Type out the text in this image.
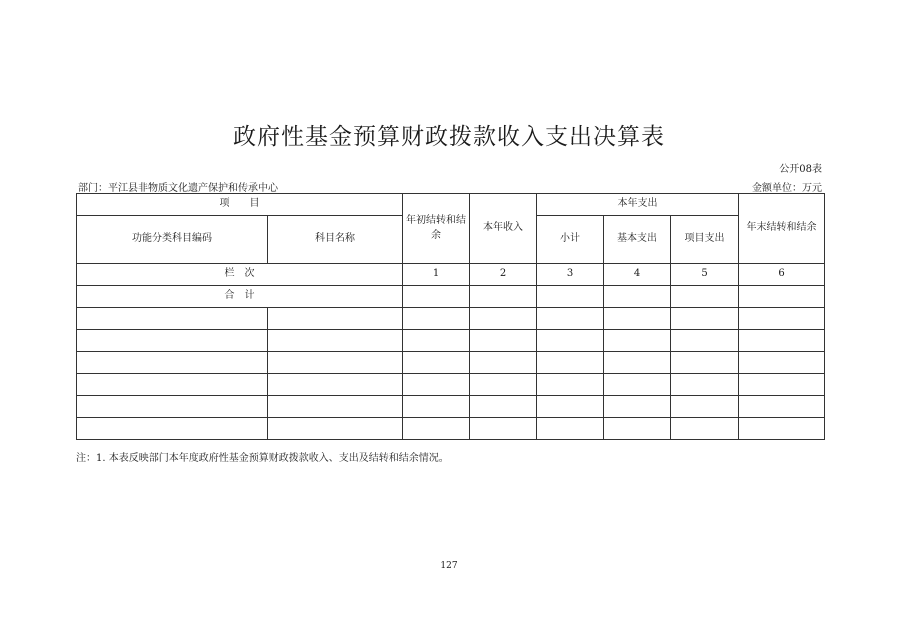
政府性基金预算财政拨款收入支出决算表
公开08表
部门：平江县非物质文化遗产保护和传承中心	金额单位：万元
项　　目		年初结转和结余	本年收入	本年支出			年末结转和结余
功能分类科目编码	科目名称			小计	基本支出	项目支出	
栏　次		1	2	3	4	5	6
合　计							

注：1. 本表反映部门本年度政府性基金预算财政拨款收入、支出及结转和结余情况。
127
